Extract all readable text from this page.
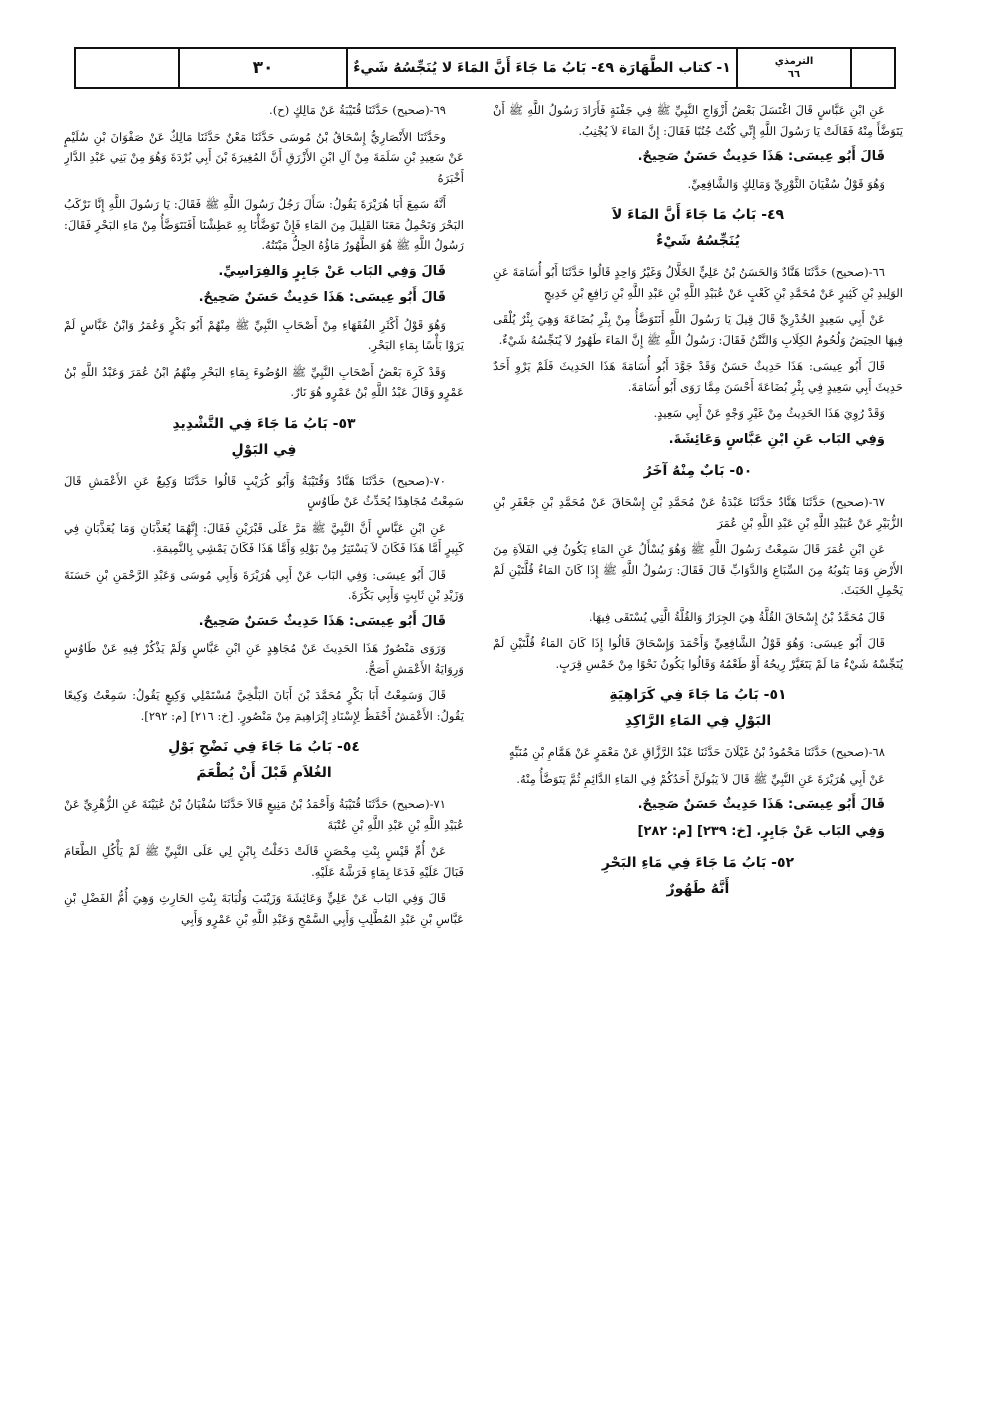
الترمذي
٦٦
١- كتاب الطَّهَارَة ٤٩- بَابُ مَا جَاءَ أَنَّ المَاءَ لا يُنَجِّسُهُ شَيءٌ
٣٠

عَنِ ابْنِ عَبَّاسٍ قَالَ اغْتَسَلَ بَعْضُ أَزْوَاجِ النَّبِيِّ ﷺ فِي جَفْنَةٍ فَأَرَادَ رَسُولُ اللَّهِ ﷺ أَنْ يَتَوَضَّأَ مِنْهُ فَقَالَتْ يَا رَسُولَ اللَّهِ إِنِّي كُنْتُ جُنُبًا فَقَالَ: إِنَّ المَاءَ لاَ يُجْنِبُ.

قَالَ أَبُو عِيسَى: هَذَا حَدِيثٌ حَسَنٌ صَحِيحٌ.

وَهُوَ قَوْلُ سُفْيَانَ الثَّوْرِيِّ وَمَالِكٍ وَالشَّافِعِيِّ.

٤٩- بَابُ مَا جَاءَ أَنَّ المَاءَ لاَ
يُنَجِّسُهُ شَيْءٌ

٦٦-(صحيح) حَدَّثَنَا هَنَّادٌ وَالحَسَنُ بْنُ عَلِيٍّ الخَلَّالُ وَغَيْرُ وَاحِدٍ قَالُوا حَدَّثَنَا أَبُو أُسَامَةَ عَنِ الوَلِيدِ بْنِ كَثِيرٍ عَنْ مُحَمَّدِ بْنِ كَعْبٍ عَنْ عُبَيْدِ اللَّهِ بْنِ عَبْدِ اللَّهِ بْنِ رَافِعِ بْنِ خَدِيجٍ

عَنْ أَبِي سَعِيدٍ الخُدْرِيِّ قَالَ قِيلَ يَا رَسُولَ اللَّهِ أَنَتَوَضَّأُ مِنْ بِئْرِ بُضَاعَةَ وَهِيَ بِئْرٌ يُلْقَى فِيهَا الحِيَضُ وَلُحُومُ الكِلَابِ وَالنَّتْنُ فَقَالَ: رَسُولُ اللَّهِ ﷺ إِنَّ المَاءَ طَهُورٌ لاَ يُنَجِّسُهُ شَيْءٌ.

قَالَ أَبُو عِيسَى: هَذَا حَدِيثٌ حَسَنٌ وَقَدْ جَوَّدَ أَبُو أُسَامَةَ هَذَا الحَدِيثَ فَلَمْ يَرْوِ أَحَدٌ حَدِيثَ أَبِي سَعِيدٍ فِي بِئْرِ بُضَاعَةَ أَحْسَنَ مِمَّا رَوَى أَبُو أُسَامَةَ.

وَقَدْ رُوِيَ هَذَا الحَدِيثُ مِنْ غَيْرِ وَجْهٍ عَنْ أَبِي سَعِيدٍ.

وَفِي البَاب عَنِ ابْنِ عَبَّاسٍ وَعَائِشَةَ.

٥٠- بَابٌ مِنْهُ آخَرُ

٦٧-(صحيح) حَدَّثَنَا هَنَّادٌ حَدَّثَنَا عَبْدَةُ عَنْ مُحَمَّدِ بْنِ إِسْحَاقَ عَنْ مُحَمَّدِ بْنِ جَعْفَرِ بْنِ الزُّبَيْرِ عَنْ عُبَيْدِ اللَّهِ بْنِ عَبْدِ اللَّهِ بْنِ عُمَرَ

عَنِ ابْنِ عُمَرَ قَالَ سَمِعْتُ رَسُولَ اللَّهِ ﷺ وَهُوَ يُسْأَلُ عَنِ المَاءِ يَكُونُ فِي الفَلاَةِ مِنَ الأَرْضِ وَمَا يَنُوبُهُ مِنَ السِّبَاعِ وَالدَّوَابِّ قَالَ فَقَالَ: رَسُولُ اللَّهِ ﷺ إِذَا كَانَ المَاءُ قُلَّتَيْنِ لَمْ يَحْمِلِ الخَبَثَ.

قَالَ مُحَمَّدُ بْنُ إِسْحَاقَ القُلَّةُ هِيَ الجِرَارُ وَالقُلَّةُ الَّتِي يُسْتَقَى فِيهَا.

قَالَ أَبُو عِيسَى: وَهُوَ قَوْلُ الشَّافِعِيِّ وَأَحْمَدَ وَإِسْحَاقَ قَالُوا إِذَا كَانَ المَاءُ قُلَّتَيْنِ لَمْ يُنَجِّسْهُ شَيْءٌ مَا لَمْ يَتَغَيَّرْ رِيحُهُ أَوْ طَعْمُهُ وَقَالُوا يَكُونُ نَحْوًا مِنْ خَمْسِ قِرَبٍ.

٥١- بَابُ مَا جَاءَ فِي كَرَاهِيَةِ
البَوْلِ فِي المَاءِ الرَّاكِدِ

٦٨-(صحيح) حَدَّثَنَا مَحْمُودُ بْنُ غَيْلَانَ حَدَّثَنَا عَبْدُ الرَّزَّاقِ عَنْ مَعْمَرٍ عَنْ هَمَّامِ بْنِ مُنَبِّهٍ

عَنْ أَبِي هُرَيْرَةَ عَنِ النَّبِيِّ ﷺ قَالَ لاَ يَبُولَنَّ أَحَدُكُمْ فِي المَاءِ الدَّائِمِ ثُمَّ يَتَوَضَّأُ مِنْهُ.

قَالَ أَبُو عِيسَى: هَذَا حَدِيثٌ حَسَنٌ صَحِيحٌ.

وَفِي البَاب عَنْ جَابِرٍ. [خ: ٢٣٩] [م: ٢٨٢]

٥٢- بَابُ مَا جَاءَ فِي مَاءِ البَحْرِ
أَنَّهُ طَهُورٌ

٦٩-(صحيح) حَدَّثَنَا قُتَيْبَةُ عَنْ مَالِكٍ (ح).

وحَدَّثَنَا الأَنْصَارِيُّ إِسْحَاقُ بْنُ مُوسَى حَدَّثَنَا مَعْنٌ حَدَّثَنَا مَالِكٌ عَنْ صَفْوَانَ بْنِ سُلَيْمٍ عَنْ سَعِيدِ بْنِ سَلَمَةَ مِنْ آلِ ابْنِ الأَزْرَقِ أَنَّ المُغِيرَةَ بْنَ أَبِي بُرْدَةَ وَهُوَ مِنْ بَنِي عَبْدِ الدَّارِ أَخْبَرَهُ

أَنَّهُ سَمِعَ أَبَا هُرَيْرَةَ يَقُولُ: سَأَلَ رَجُلٌ رَسُولَ اللَّهِ ﷺ فَقَالَ: يَا رَسُولَ اللَّهِ إِنَّا نَرْكَبُ البَحْرَ وَنَحْمِلُ مَعَنَا القَلِيلَ مِنَ المَاءِ فَإِنْ تَوَضَّأْنَا بِهِ عَطِشْنَا أَفَنَتَوَضَّأُ مِنْ مَاءِ البَحْرِ فَقَالَ: رَسُولُ اللَّهِ ﷺ هُوَ الطَّهُورُ مَاؤُهُ الحِلُّ مَيْتَتُهُ.

قَالَ وَفِي البَاب عَنْ جَابِرٍ وَالفِرَاسِيِّ.

قَالَ أَبُو عِيسَى: هَذَا حَدِيثٌ حَسَنٌ صَحِيحٌ.

وَهُوَ قَوْلُ أَكْثَرِ الفُقَهَاءِ مِنْ أَصْحَابِ النَّبِيِّ ﷺ مِنْهُمْ أَبُو بَكْرٍ وَعُمَرُ وَابْنُ عَبَّاسٍ لَمْ يَرَوْا بَأْسًا بِمَاءِ البَحْرِ.

وَقَدْ كَرِهَ بَعْضُ أَصْحَابِ النَّبِيِّ ﷺ الوُضُوءَ بِمَاءِ البَحْرِ مِنْهُمُ ابْنُ عُمَرَ وَعَبْدُ اللَّهِ بْنُ عَمْرٍو وَقَالَ عَبْدُ اللَّهِ بْنُ عَمْرٍو هُوَ نَارٌ.

٥٣- بَابُ مَا جَاءَ فِي التَّشْدِيدِ
فِي البَوْلِ

٧٠-(صحيح) حَدَّثَنَا هَنَّادٌ وَقُتَيْبَةُ وَأَبُو كُرَيْبٍ قَالُوا حَدَّثَنَا وَكِيعٌ عَنِ الأَعْمَشِ قَالَ سَمِعْتُ مُجَاهِدًا يُحَدِّثُ عَنْ طَاوُسٍ

عَنِ ابْنِ عَبَّاسٍ أَنَّ النَّبِيَّ ﷺ مَرَّ عَلَى قَبْرَيْنِ فَقَالَ: إِنَّهُمَا يُعَذَّبَانِ وَمَا يُعَذَّبَانِ فِي كَبِيرٍ أَمَّا هَذَا فَكَانَ لاَ يَسْتَتِرُ مِنْ بَوْلِهِ وَأَمَّا هَذَا فَكَانَ يَمْشِي بِالنَّمِيمَةِ.

قَالَ أَبُو عِيسَى: وَفِي البَاب عَنْ أَبِي هُرَيْرَةَ وَأَبِي مُوسَى وَعَبْدِ الرَّحْمَنِ بْنِ حَسَنَةَ وَزَيْدِ بْنِ ثَابِتٍ وَأَبِي بَكْرَةَ.

قَالَ أَبُو عِيسَى: هَذَا حَدِيثٌ حَسَنٌ صَحِيحٌ.

وَرَوَى مَنْصُورٌ هَذَا الحَدِيثَ عَنْ مُجَاهِدٍ عَنِ ابْنِ عَبَّاسٍ وَلَمْ يَذْكُرْ فِيهِ عَنْ طَاوُسٍ وَرِوَايَةُ الأَعْمَشِ أَصَحُّ.

قَالَ وَسَمِعْتُ أَبَا بَكْرٍ مُحَمَّدَ بْنَ أَبَانَ البَلْخِيَّ مُسْتَمْلِي وَكِيعٍ يَقُولُ: سَمِعْتُ وَكِيعًا يَقُولُ: الأَعْمَشُ أَحْفَظُ لِإِسْنَادِ إِبْرَاهِيمَ مِنْ مَنْصُورٍ. [خ: ٢١٦] [م: ٢٩٢].

٥٤- بَابُ مَا جَاءَ فِي نَضْحِ بَوْلِ
الغُلاَمِ قَبْلَ أَنْ يُطْعَمَ

٧١-(صحيح) حَدَّثَنَا قُتَيْبَةُ وَأَحْمَدُ بْنُ مَنِيعٍ قَالاَ حَدَّثَنَا سُفْيَانُ بْنُ عُيَيْنَةَ عَنِ الزُّهْرِيِّ عَنْ عُبَيْدِ اللَّهِ بْنِ عَبْدِ اللَّهِ بْنِ عُتْبَةَ

عَنْ أُمِّ قَيْسٍ بِنْتِ مِحْصَنٍ قَالَتْ دَخَلْتُ بِابْنٍ لِي عَلَى النَّبِيِّ ﷺ لَمْ يَأْكُلِ الطَّعَامَ فَبَالَ عَلَيْهِ فَدَعَا بِمَاءٍ فَرَشَّهُ عَلَيْهِ.

قَالَ وَفِي البَاب عَنْ عَلِيٍّ وَعَائِشَةَ وَزَيْنَبَ وَلُبَابَةَ بِنْتِ الحَارِثِ وَهِيَ أُمُّ الفَضْلِ بْنِ عَبَّاسِ بْنِ عَبْدِ المُطَّلِبِ وَأَبِي السَّمْحِ وَعَبْدِ اللَّهِ بْنِ عَمْرٍو وَأَبِي
